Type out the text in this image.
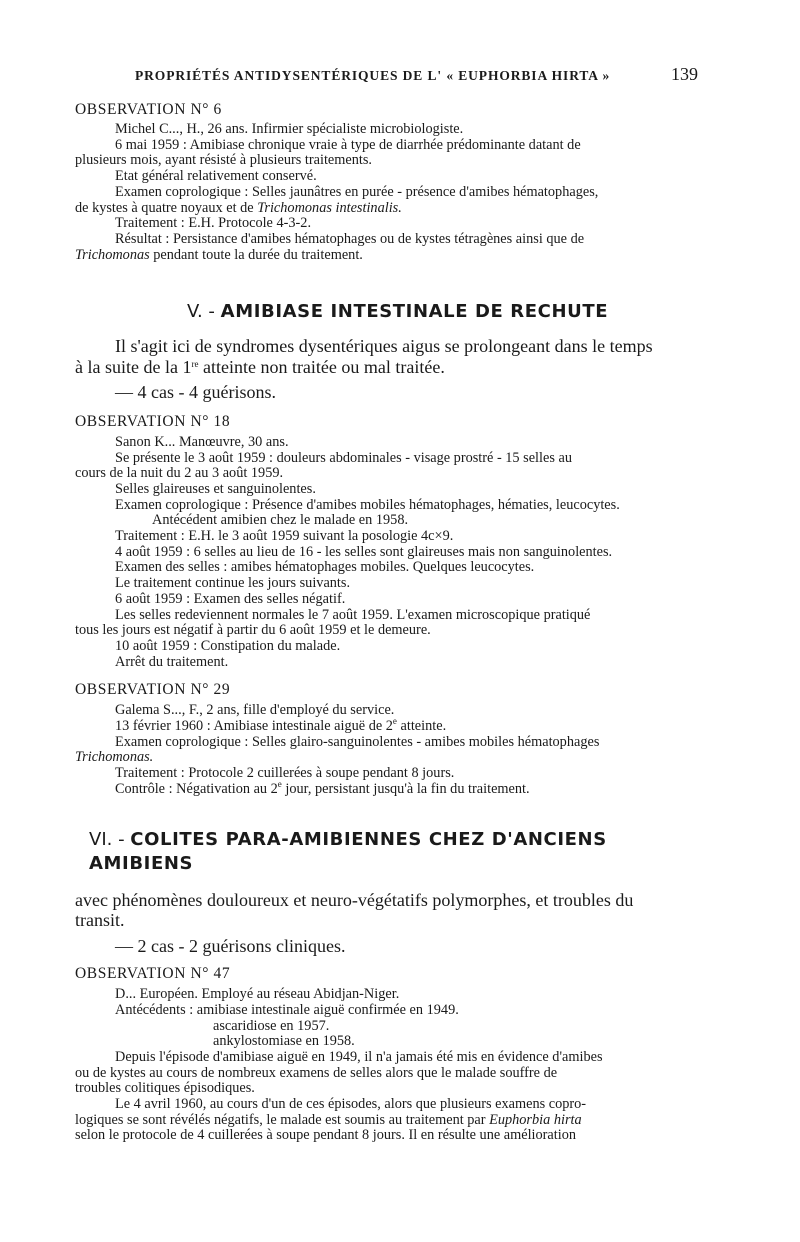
PROPRIÉTÉS ANTIDYSENTÉRIQUES DE L' « EUPHORBIA HIRTA »	139

OBSERVATION N° 6

Michel C..., H., 26 ans. Infirmier spécialiste microbiologiste.

6 mai 1959 : Amibiase chronique vraie à type de diarrhée prédominante datant de

plusieurs mois, ayant résisté à plusieurs traitements.

Etat général relativement conservé.

Examen coprologique : Selles jaunâtres en purée - présence d'amibes hématophages,

de kystes à quatre noyaux et de Trichomonas intestinalis.

Traitement : E.H. Protocole 4-3-2.

Résultat : Persistance d'amibes hématophages ou de kystes tétragènes ainsi que de

Trichomonas pendant toute la durée du traitement.

V. - AMIBIASE INTESTINALE DE RECHUTE

Il s'agit ici de syndromes dysentériques aigus se prolongeant dans le temps

à la suite de la 1re atteinte non traitée ou mal traitée.

— 4 cas - 4 guérisons.

OBSERVATION N° 18

Sanon K... Manœuvre, 30 ans.

Se présente le 3 août 1959 : douleurs abdominales - visage prostré - 15 selles au

cours de la nuit du 2 au 3 août 1959.

Selles glaireuses et sanguinolentes.

Examen coprologique : Présence d'amibes mobiles hématophages, hématies, leucocytes.

Antécédent amibien chez le malade en 1958.

Traitement : E.H. le 3 août 1959 suivant la posologie 4c×9.

4 août 1959 : 6 selles au lieu de 16 - les selles sont glaireuses mais non sanguinolentes.

Examen des selles : amibes hématophages mobiles. Quelques leucocytes.

Le traitement continue les jours suivants.

6 août 1959 : Examen des selles négatif.

Les selles redeviennent normales le 7 août 1959. L'examen microscopique pratiqué

tous les jours est négatif à partir du 6 août 1959 et le demeure.

10 août 1959 : Constipation du malade.

Arrêt du traitement.

OBSERVATION N° 29

Galema S..., F., 2 ans, fille d'employé du service.

13 février 1960 : Amibiase intestinale aiguë de 2e atteinte.

Examen coprologique : Selles glairo-sanguinolentes - amibes mobiles hématophages

Trichomonas.

Traitement : Protocole 2 cuillerées à soupe pendant 8 jours.

Contrôle : Négativation au 2e jour, persistant jusqu'à la fin du traitement.

VI. - COLITES PARA-AMIBIENNES CHEZ D'ANCIENS AMIBIENS

avec phénomènes douloureux et neuro-végétatifs polymorphes, et troubles du

transit.

— 2 cas - 2 guérisons cliniques.

OBSERVATION N° 47

D... Européen. Employé au réseau Abidjan-Niger.

Antécédents : amibiase intestinale aiguë confirmée en 1949.

ascaridiose en 1957.

ankylostomiase en 1958.

Depuis l'épisode d'amibiase aiguë en 1949, il n'a jamais été mis en évidence d'amibes

ou de kystes au cours de nombreux examens de selles alors que le malade souffre de

troubles colitiques épisodiques.

Le 4 avril 1960, au cours d'un de ces épisodes, alors que plusieurs examens copro-

logiques se sont révélés négatifs, le malade est soumis au traitement par Euphorbia hirta

selon le protocole de 4 cuillerées à soupe pendant 8 jours. Il en résulte une amélioration
